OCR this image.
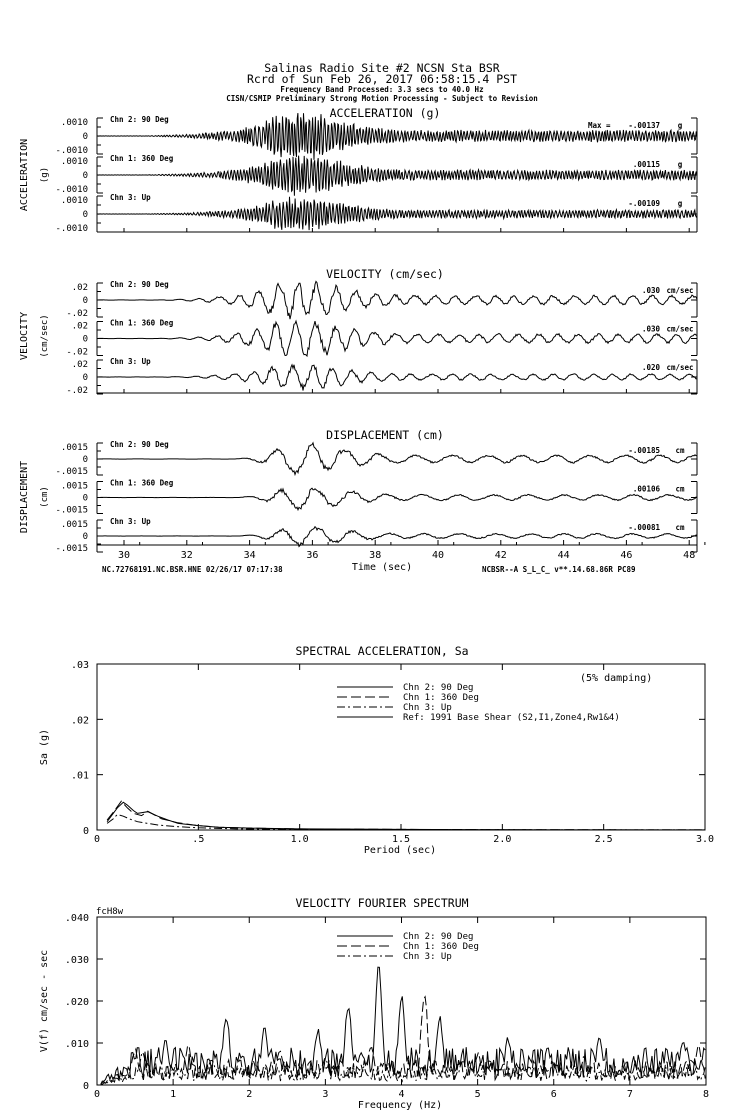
Salinas Radio Site #2 NCSN Sta BSR
Rcrd of Sun Feb 26, 2017 06:58:15.4 PST
Frequency Band Processed: 3.3 secs to 40.0 Hz
CISN/CSMIP Preliminary Strong Motion Processing - Subject to Revision
ACCELERATION (g)
VELOCITY (cm/sec)
DISPLACEMENT (cm)
ACCELERATION (g)
VELOCITY (cm/sec)
DISPLACEMENT (cm)
Max =
.0010
0
-.0010
Chn 2: 90 Deg
-.00137 g
.0010
0
-.0010
Chn 1: 360 Deg
.00115 g
.0010
0
-.0010
Chn 3: Up
-.00109 g
.02
0
-.02
Chn 2: 90 Deg
.030 cm/sec
.02
0
-.02
Chn 1: 360 Deg
.030 cm/sec
.02
0
-.02
Chn 3: Up
.020 cm/sec
.0015
0
-.0015
Chn 2: 90 Deg
-.00185 cm
.0015
0
-.0015
Chn 1: 360 Deg
.00106 cm
.0015
0
-.0015
Chn 3: Up
-.00081 cm
30	32	34	36	38	40	42	44	46	48
Time (sec)
NC.72768191.NC.BSR.HNE 02/26/17 07:17:38	NCBSR--A S_L_C_ v**.14.68.86R PC89
SPECTRAL ACCELERATION, Sa
(5% damping)
Sa (g)
Period (sec)
Chn 2: 90 Deg
Chn 1: 360 Deg
Chn 3: Up
Ref: 1991 Base Shear (S2,I1,Zone4,Rw1&4)
0	.5	1.0	1.5	2.0	2.5	3.0
.03
.02
.01
0
VELOCITY FOURIER SPECTRUM
fcH8w
V(f) cm/sec - sec
Frequency (Hz)
Chn 2: 90 Deg
Chn 1: 360 Deg
Chn 3: Up
0	1	2	3	4	5	6	7	8
.040
.030
.020
.010
0
